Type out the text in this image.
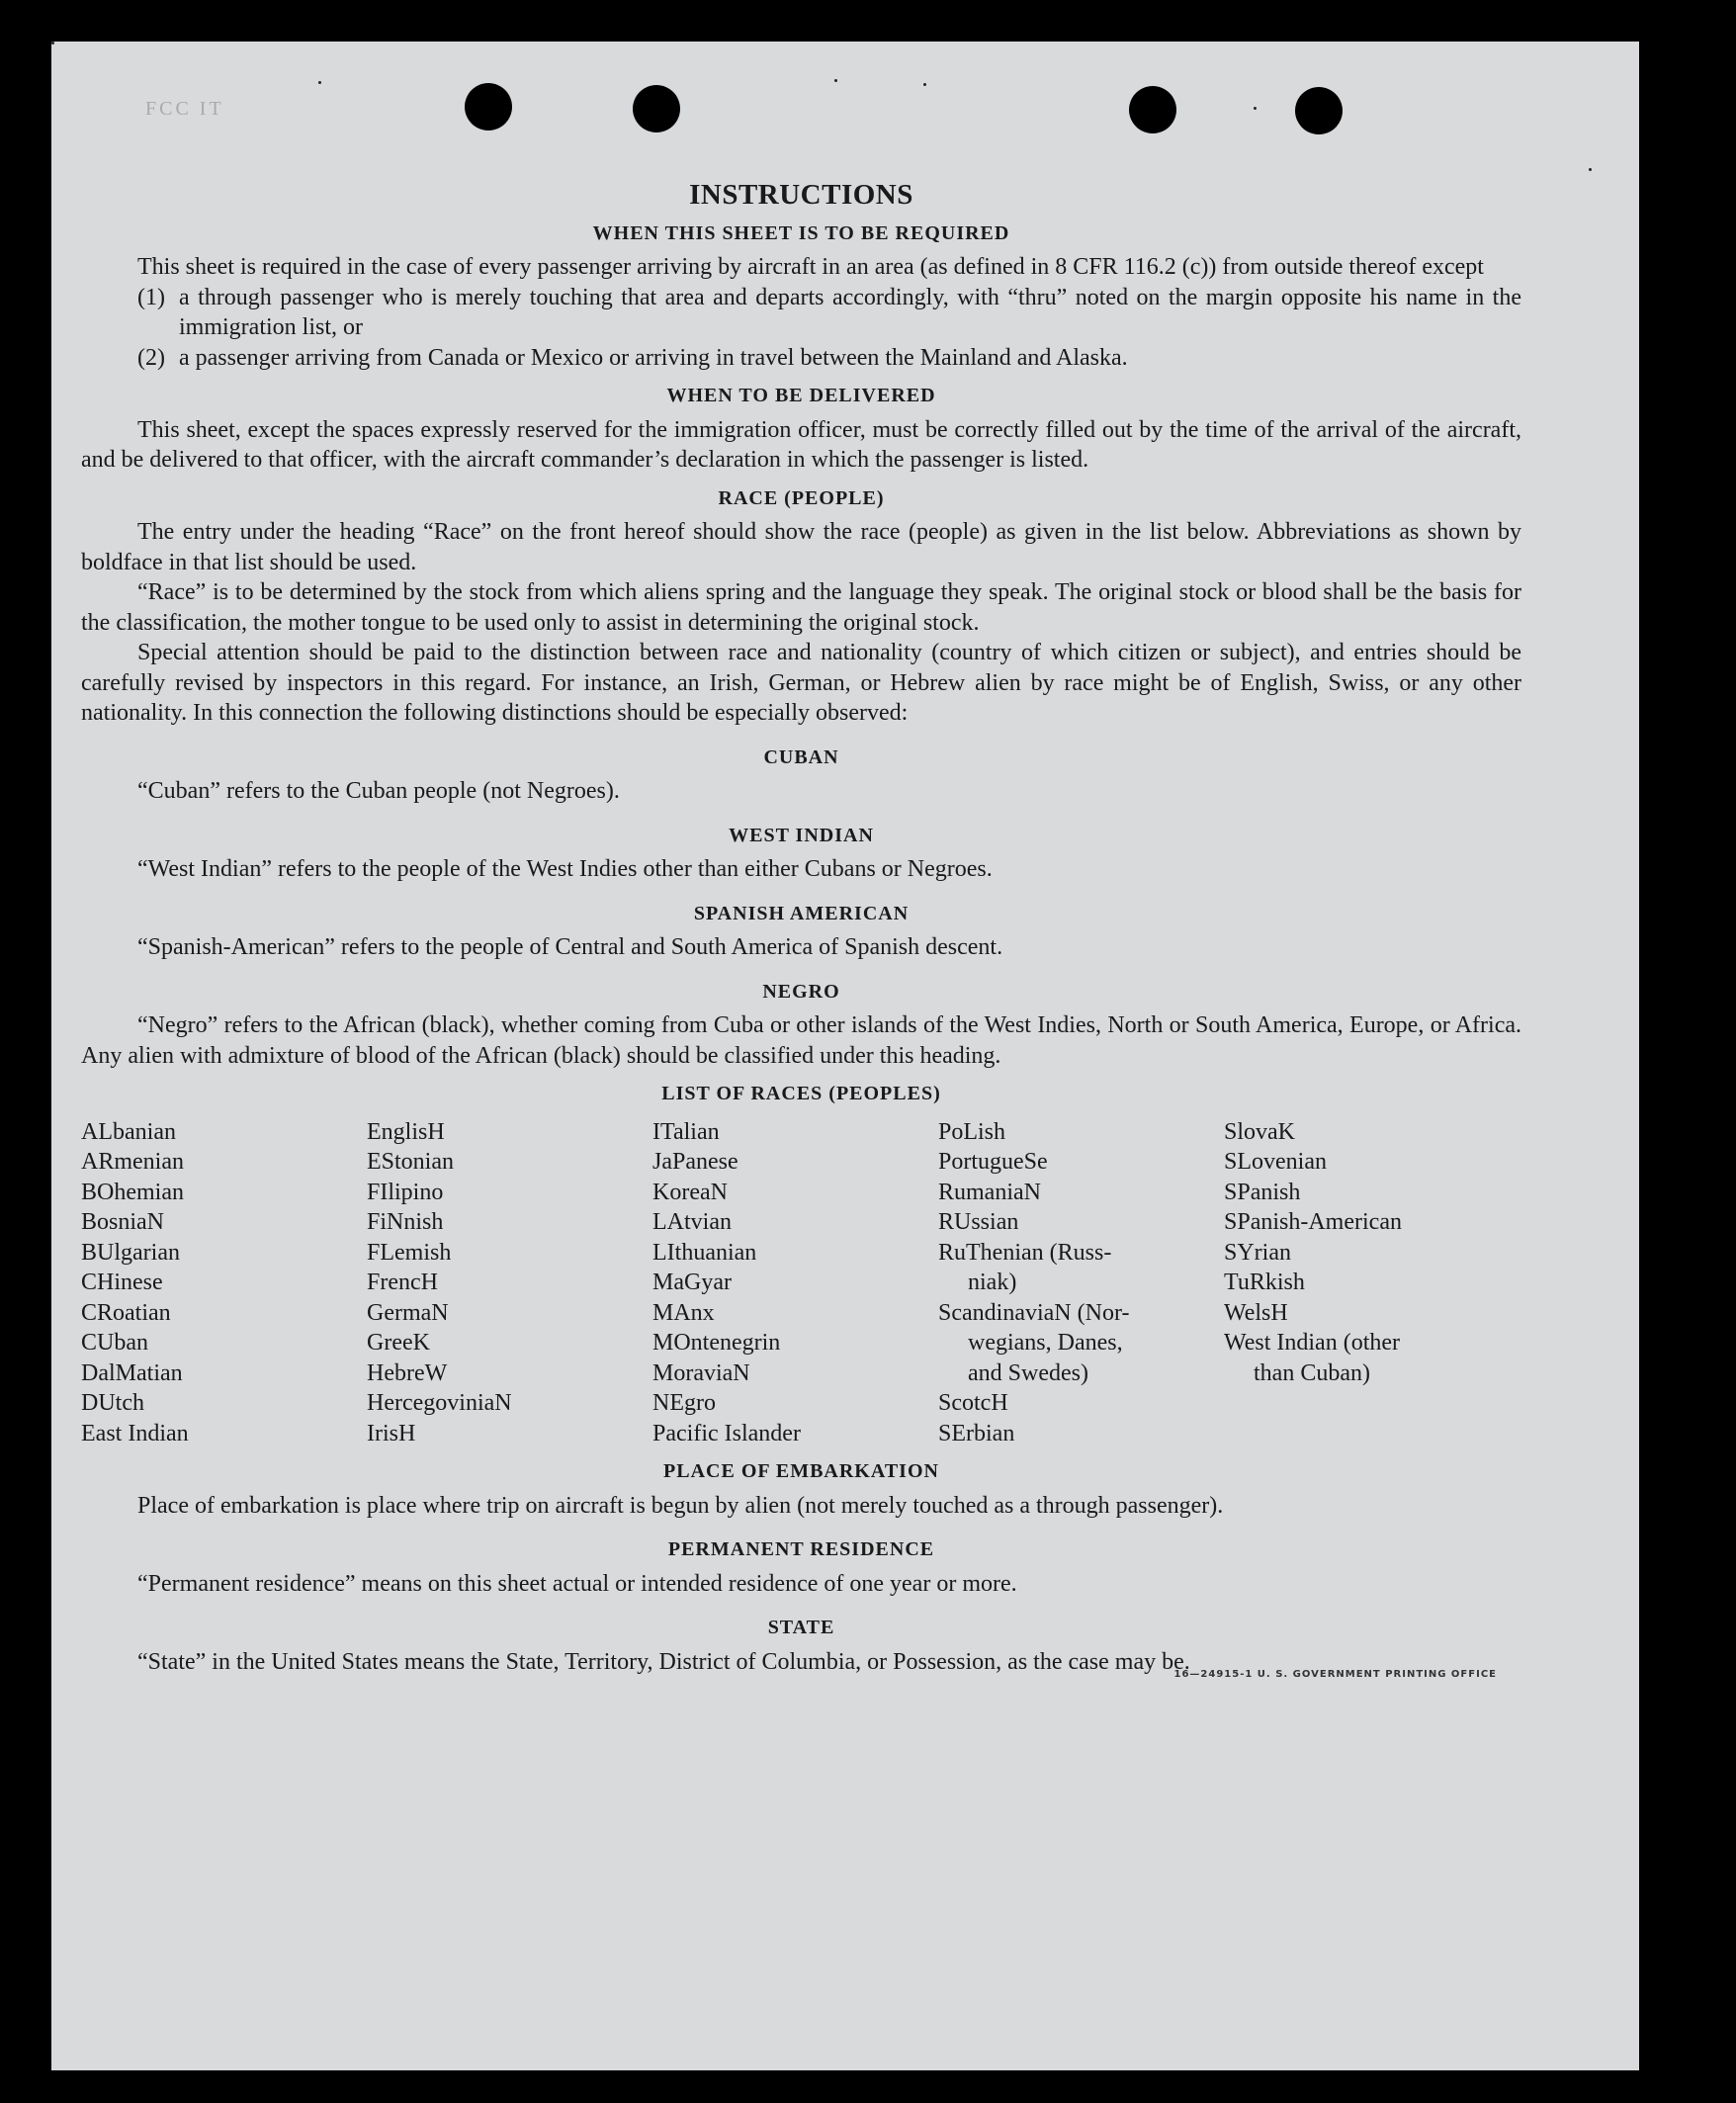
FCC IT
INSTRUCTIONS
WHEN THIS SHEET IS TO BE REQUIRED

This sheet is required in the case of every passenger arriving by aircraft in an area (as defined in 8 CFR 116.2 (c)) from outside thereof except

(1) a through passenger who is merely touching that area and departs accordingly, with “thru” noted on the margin opposite his name in the immigration list, or
(2) a passenger arriving from Canada or Mexico or arriving in travel between the Mainland and Alaska.
WHEN TO BE DELIVERED

This sheet, except the spaces expressly reserved for the immigration officer, must be correctly filled out by the time of the arrival of the aircraft, and be delivered to that officer, with the aircraft commander’s declaration in which the passenger is listed.

RACE (PEOPLE)

The entry under the heading “Race” on the front hereof should show the race (people) as given in the list below. Abbreviations as shown by boldface in that list should be used.

“Race” is to be determined by the stock from which aliens spring and the language they speak. The original stock or blood shall be the basis for the classification, the mother tongue to be used only to assist in determining the original stock.

Special attention should be paid to the distinction between race and nationality (country of which citizen or subject), and entries should be carefully revised by inspectors in this regard. For instance, an Irish, German, or Hebrew alien by race might be of English, Swiss, or any other nationality. In this connection the following distinctions should be especially observed:

CUBAN

“Cuban” refers to the Cuban people (not Negroes).

WEST INDIAN

“West Indian” refers to the people of the West Indies other than either Cubans or Negroes.

SPANISH AMERICAN

“Spanish-American” refers to the people of Central and South America of Spanish descent.

NEGRO

“Negro” refers to the African (black), whether coming from Cuba or other islands of the West Indies, North or South America, Europe, or Africa. Any alien with admixture of blood of the African (black) should be classified under this heading.

LIST OF RACES (PEOPLES)
ALbanian
ARmenian
BOhemian
BosniaN
BUlgarian
CHinese
CRoatian
CUban
DalMatian
DUtch
East Indian
EnglisH
EStonian
FIlipino
FiNnish
FLemish
FrencH
GermaN
GreeK
HebreW
HercegoviniaN
IrisH
ITalian
JaPanese
KoreaN
LAtvian
LIthuanian
MaGyar
MAnx
MOntenegrin
MoraviaN
NEgro
Pacific Islander
PoLish
PortugueSe
RumaniaN
RUssian
RuThenian (Russ-
niak)
ScandinaviaN (Nor-
wegians, Danes,
and Swedes)
ScotcH
SErbian
SlovaK
SLovenian
SPanish
SPanish-American
SYrian
TuRkish
WelsH
West Indian (other
than Cuban)
PLACE OF EMBARKATION

Place of embarkation is place where trip on aircraft is begun by alien (not merely touched as a through passenger).

PERMANENT RESIDENCE

“Permanent residence” means on this sheet actual or intended residence of one year or more.

STATE

“State” in the United States means the State, Territory, District of Columbia, or Possession, as the case may be.

16—24915-1 U. S. GOVERNMENT PRINTING OFFICE
